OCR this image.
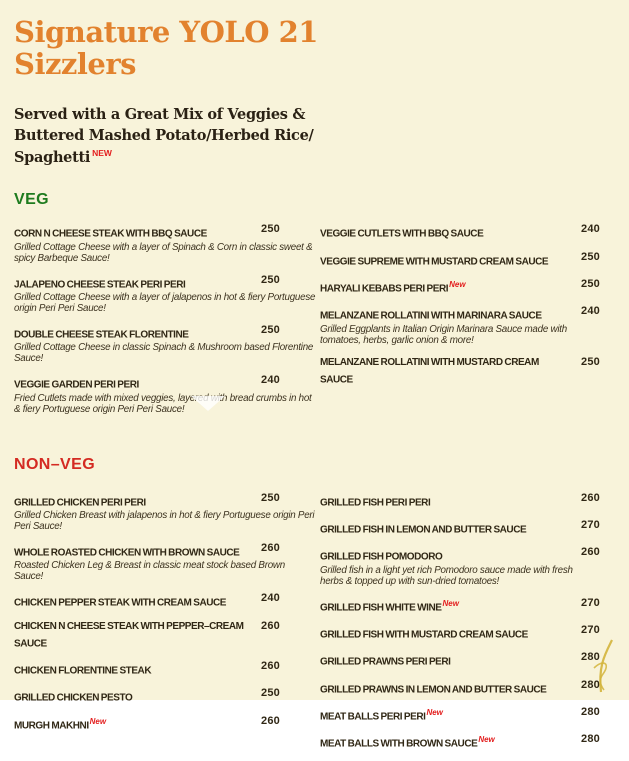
Signature YOLO 21
Sizzlers
Served with a Great Mix of Veggies &
Buttered Mashed Potato/Herbed Rice/
Spaghetti $^{NEW}$
VEG
CORN N CHEESE STEAK WITH BBQ SAUCE	250
Grilled Cottage Cheese with a layer of Spinach & Corn in classic sweet & spicy Barbeque Sauce!
JALAPENO CHEESE STEAK PERI PERI	250
Grilled Cottage Cheese with a layer of jalapenos in hot & fiery Portuguese origin Peri Peri Sauce!
DOUBLE CHEESE STEAK FLORENTINE	250
Grilled Cottage Cheese in classic Spinach & Mushroom based Florentine Sauce!
VEGGIE GARDEN PERI PERI	240
Fried Cutlets made with mixed veggies, layered with bread crumbs in hot & fiery Portuguese origin Peri Peri Sauce!
VEGGIE CUTLETS WITH BBQ SAUCE	240
VEGGIE SUPREME WITH MUSTARD CREAM SAUCE	250
HARYALI KEBABS PERI $PERI^{New}$	250
MELANZANE ROLLATINI WITH MARINARA SAUCE	240
Grilled Eggplants in Italian Origin Marinara Sauce made with tomatoes, herbs, garlic onion & more!
MELANZANE ROLLATINI WITH MUSTARD CREAM SAUCE
250
NON–VEG
GRILLED CHICKEN PERI PERI	250
Grilled Chicken Breast with jalapenos in hot & fiery Portuguese origin Peri Peri Sauce!
WHOLE ROASTED CHICKEN WITH BROWN SAUCE	260
Roasted Chicken Leg & Breast in classic meat stock based Brown Sauce!
CHICKEN PEPPER STEAK WITH CREAM SAUCE	240
CHICKEN N CHEESE STEAK WITH PEPPER–CREAM SAUCE
260
CHICKEN FLORENTINE STEAK	260
GRILLED CHICKEN PESTO	250
MURGH $MAKHNI^{New}$	260
GRILLED FISH PERI PERI	260
GRILLED FISH IN LEMON AND BUTTER SAUCE	270
GRILLED FISH POMODORO	260
Grilled fish in a light yet rich Pomodoro sauce made with fresh herbs & topped up with sun-dried tomatoes!
GRILLED FISH WHITE $WINE^{New}$	270
GRILLED FISH WITH MUSTARD CREAM SAUCE	270
GRILLED PRAWNS PERI PERI	280
GRILLED PRAWNS IN LEMON AND BUTTER SAUCE	280
MEAT BALLS PERI $PERI^{New}$	280
MEAT BALLS WITH BROWN $SAUCE^{New}$	280
